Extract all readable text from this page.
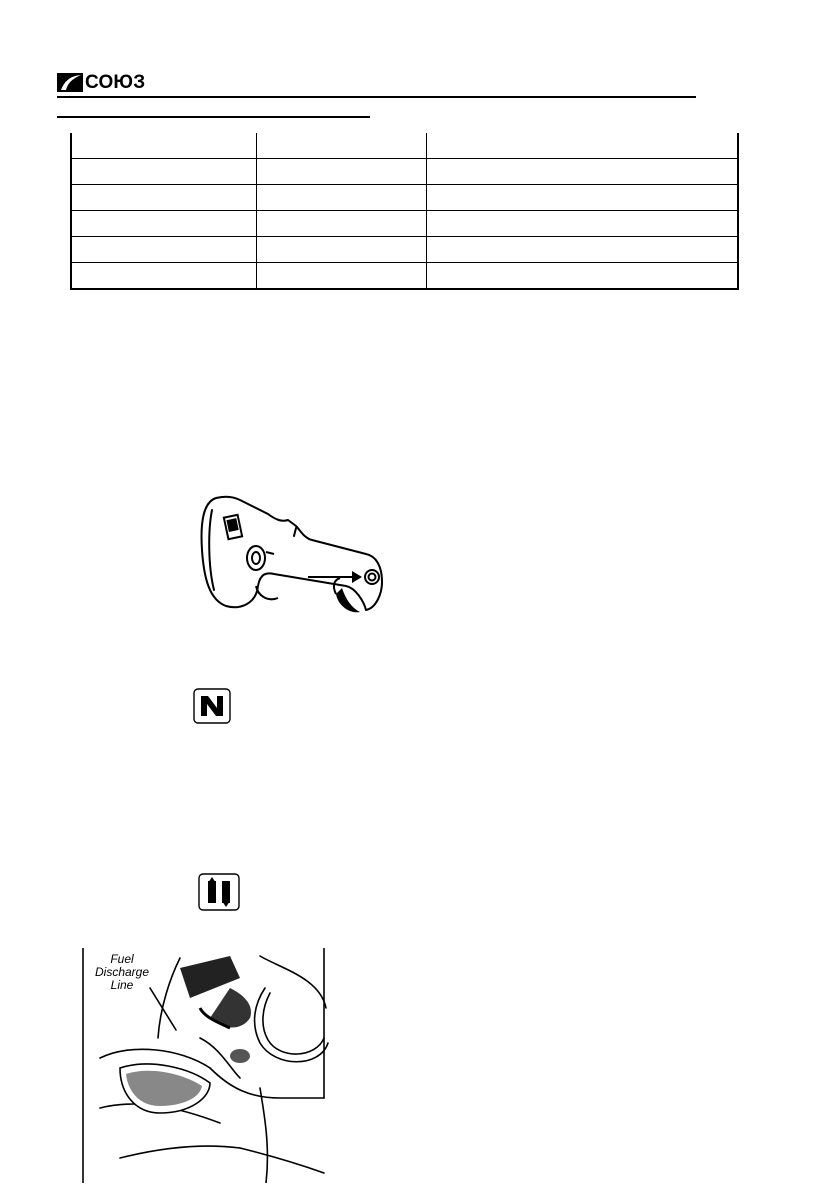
СОЮЗ

Fuel Discharge Line
